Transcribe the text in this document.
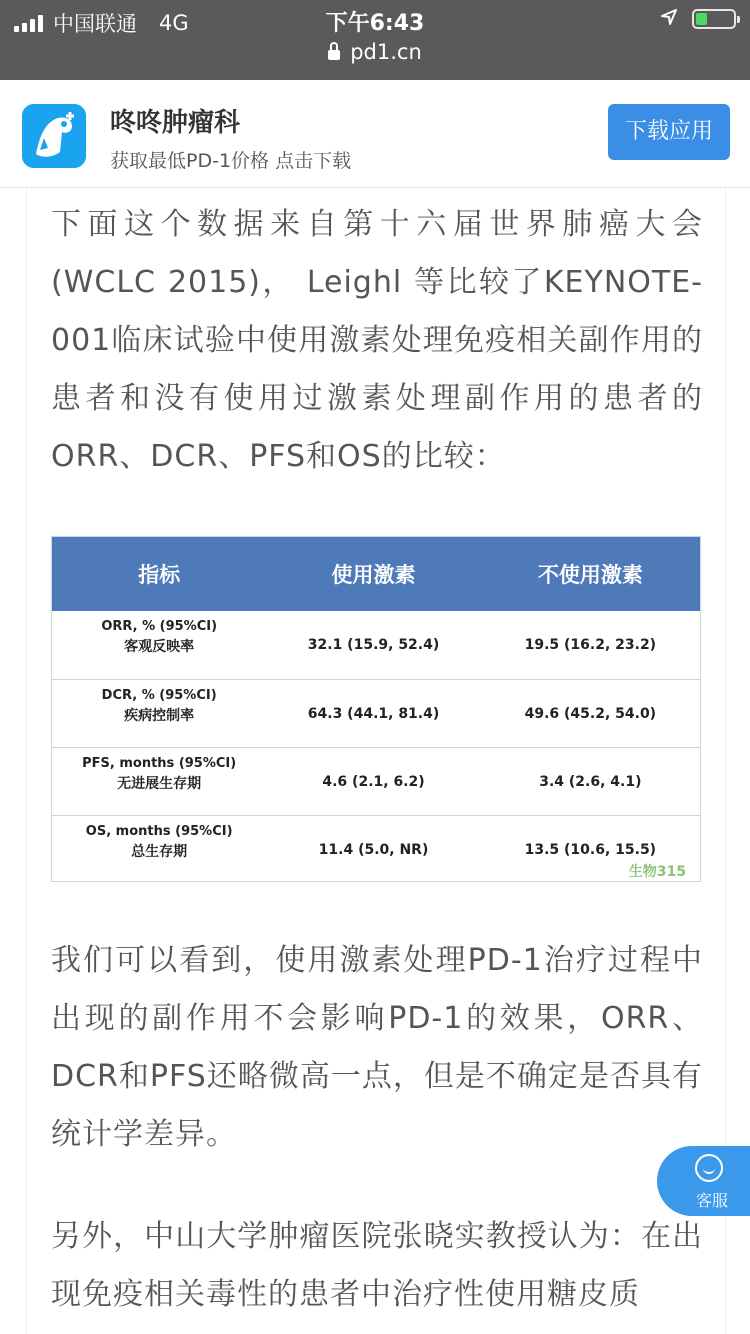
中国联通 4G	下午6:43
pd1.cn
咚咚肿瘤科
获取最低PD-1价格 点击下载
下载应用

下面这个数据来自第十六届世界肺癌大会(WCLC 2015)， Leighl 等比较了KEYNOTE-001临床试验中使用激素处理免疫相关副作用的患者和没有使用过激素处理副作用的患者的ORR、DCR、PFS和OS的比较：

指标	使用激素	不使用激素
ORR, % (95%CI)
客观反映率	32.1 (15.9, 52.4)	19.5 (16.2, 23.2)
DCR, % (95%CI)
疾病控制率	64.3 (44.1, 81.4)	49.6 (45.2, 54.0)
PFS, months (95%CI)
无进展生存期	4.6 (2.1, 6.2)	3.4 (2.6, 4.1)
OS, months (95%CI)
总生存期	11.4 (5.0, NR)	13.5 (10.6, 15.5)
生物315

我们可以看到，使用激素处理PD-1治疗过程中出现的副作用不会影响PD-1的效果，ORR、DCR和PFS还略微高一点，但是不确定是否具有统计学差异。

另外，中山大学肿瘤医院张晓实教授认为：在出现免疫相关毒性的患者中治疗性使用糖皮质

客服
